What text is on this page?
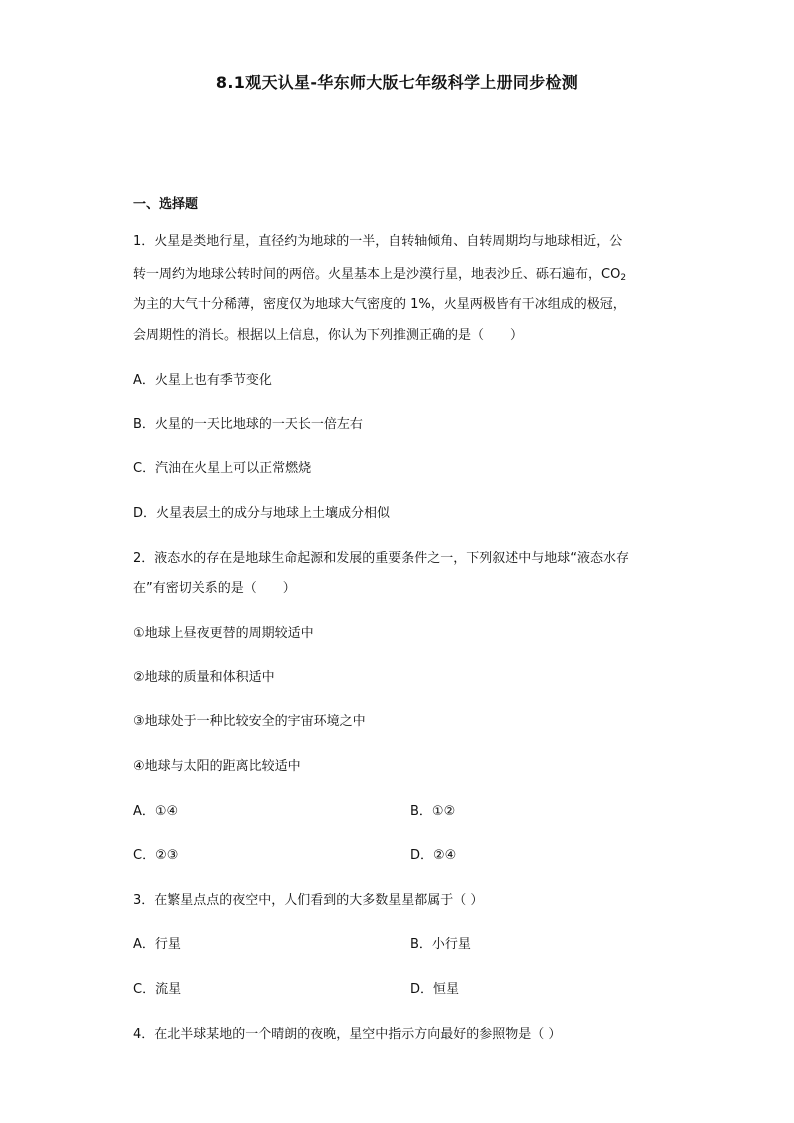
8.1观天认星-华东师大版七年级科学上册同步检测
一、选择题
1．火星是类地行星，直径约为地球的一半，自转轴倾角、自转周期均与地球相近，公
转一周约为地球公转时间的两倍。火星基本上是沙漠行星，地表沙丘、砾石遍布，$CO_2$
为主的大气十分稀薄，密度仅为地球大气密度的 1%，火星两极皆有干冰组成的极冠，
会周期性的消长。根据以上信息，你认为下列推测正确的是（　　）
A．火星上也有季节变化
B．火星的一天比地球的一天长一倍左右
C．汽油在火星上可以正常燃烧
D．火星表层土的成分与地球上土壤成分相似
2．液态水的存在是地球生命起源和发展的重要条件之一，下列叙述中与地球“液态水存
在”有密切关系的是（　　）
①地球上昼夜更替的周期较适中
②地球的质量和体积适中
③地球处于一种比较安全的宇宙环境之中
④地球与太阳的距离比较适中
A．①④	B．①②
C．②③	D．②④
3．在繁星点点的夜空中，人们看到的大多数星星都属于（ ）
A．行星	B．小行星
C．流星	D．恒星
4．在北半球某地的一个晴朗的夜晚，星空中指示方向最好的参照物是（ ）
